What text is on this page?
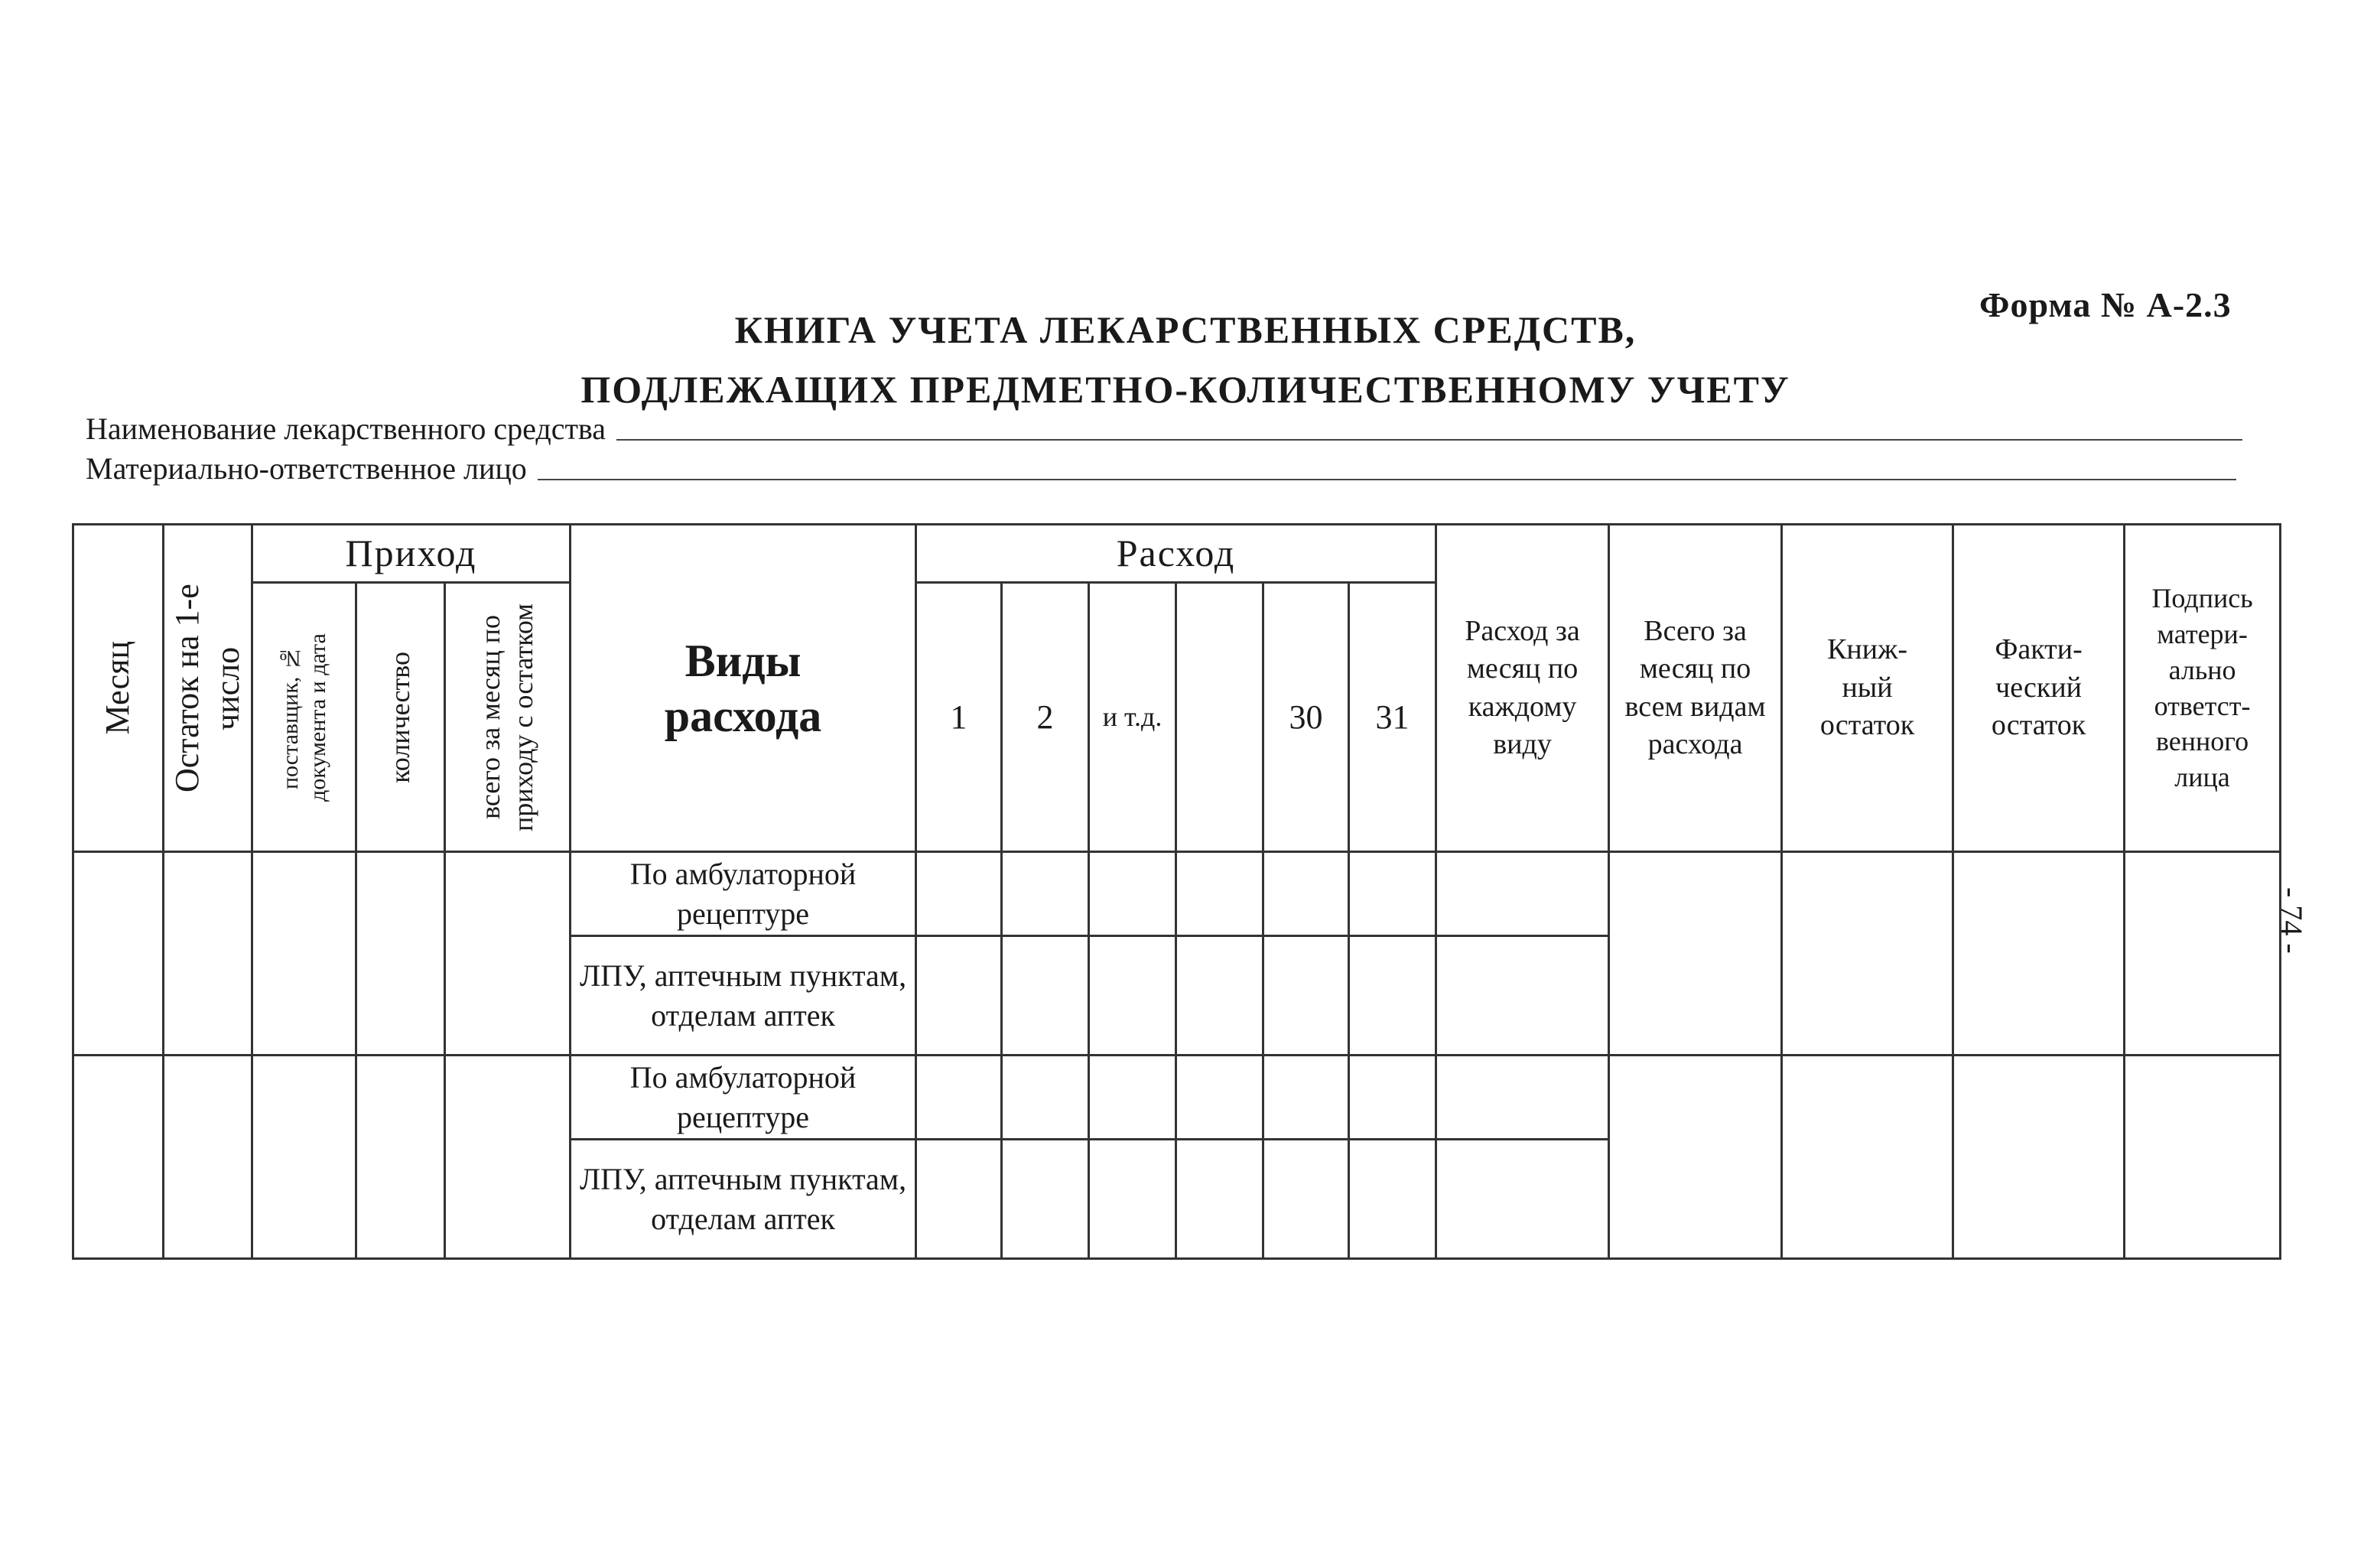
Форма № А-2.3
КНИГА УЧЕТА ЛЕКАРСТВЕННЫХ СРЕДСТВ,
ПОДЛЕЖАЩИХ ПРЕДМЕТНО-КОЛИЧЕСТВЕННОМУ УЧЕТУ
Наименование лекарственного средства
Материально-ответственное лицо
- 74 -
Месяц	Остаток на 1-е число	Приход			Виды расхода	Расход						Расход за месяц по каждому виду	Всего за месяц по всем видам расхода	Книж- ный остаток	Факти- ческий остаток	Подпись матери- ально ответст- венного лица

		поставщик, № документа и дата	количество	всего за месяц по приходу с остатком		1	2	и т.д.		30	31					
					По амбулаторной рецептуре											
					ЛПУ, аптечным пунктам, отделам аптек											
					По амбулаторной рецептуре											
					ЛПУ, аптечным пунктам, отделам аптек											
